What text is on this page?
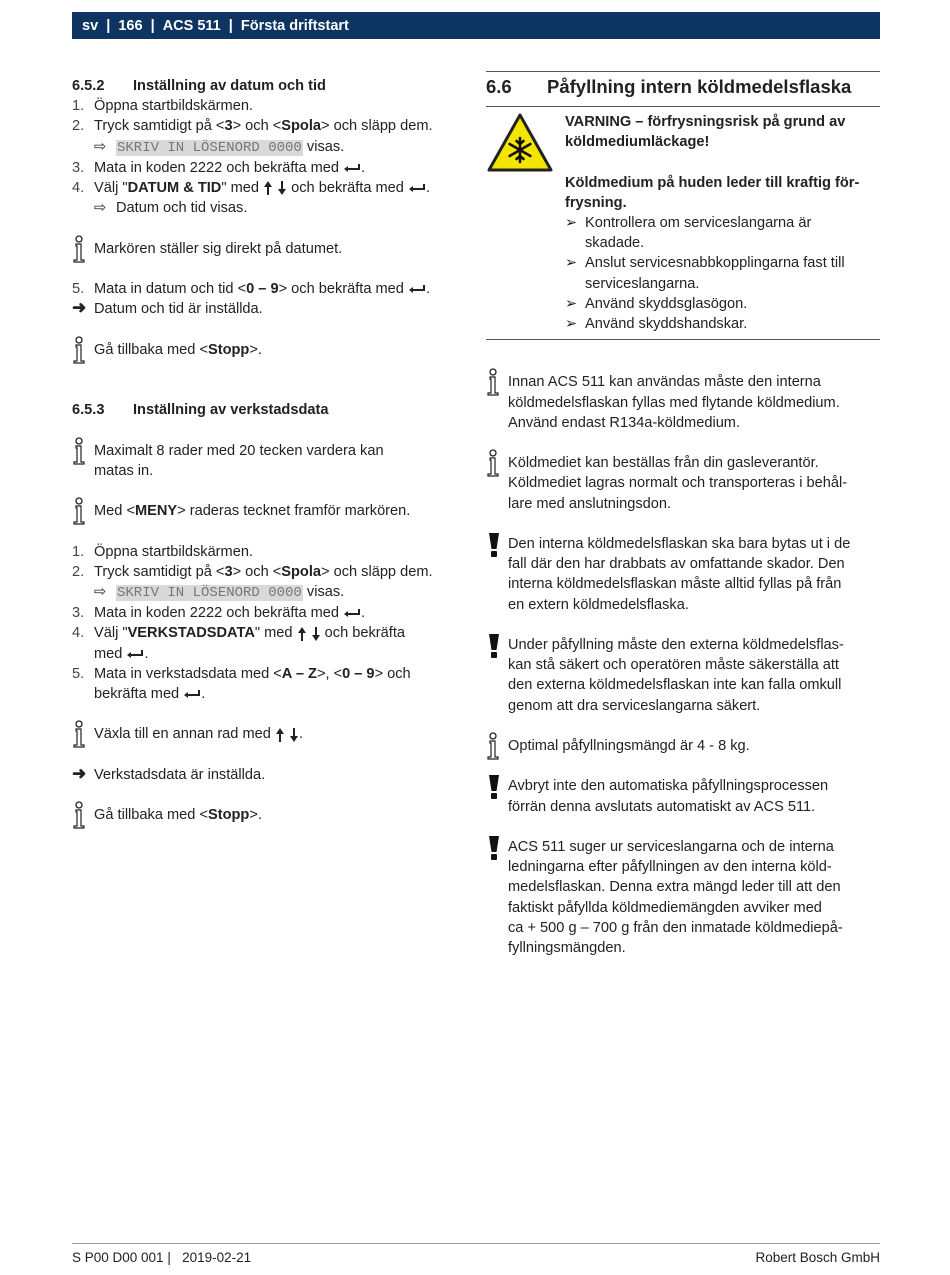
sv | 166 | ACS 511 | Första driftstart
6.5.2	Inställning av datum och tid
1. Öppna startbildskärmen.
2. Tryck samtidigt på <3> och <Spola> och släpp dem.
⇨ SKRIV IN LÖSENORD 0000 visas.
3. Mata in koden 2222 och bekräfta med .
4. Välj "DATUM & TID" med   och bekräfta med .
⇨ Datum och tid visas.
Markören ställer sig direkt på datumet.
5. Mata in datum och tid <0 – 9> och bekräfta med .
➜ Datum och tid är inställda.
Gå tillbaka med <Stopp>.
6.5.3	Inställning av verkstadsdata
Maximalt 8 rader med 20 tecken vardera kan
matas in.
Med <MENY> raderas tecknet framför markören.
1. Öppna startbildskärmen.
2. Tryck samtidigt på <3> och <Spola> och släpp dem.
⇨ SKRIV IN LÖSENORD 0000 visas.
3. Mata in koden 2222 och bekräfta med .
4. Välj "VERKSTADSDATA" med   och bekräfta
med .
5. Mata in verkstadsdata med <A – Z>, <0 – 9> och
bekräfta med .
Växla till en annan rad med  .
➜ Verkstadsdata är inställda.
Gå tillbaka med <Stopp>.
6.6	Påfyllning intern köldmedelsflaska
VARNING – förfrysningsrisk på grund av
köldmediumläckage!
Köldmedium på huden leder till kraftig för-
frysning.
➢ Kontrollera om serviceslangarna är
skadade.
➢ Anslut servicesnabbkopplingarna fast till
serviceslangarna.
➢ Använd skyddsglasögon.
➢ Använd skyddshandskar.
Innan ACS 511 kan användas måste den interna
köldmedelsflaskan fyllas med flytande köldmedium.
Använd endast R134a-köldmedium.
Köldmediet kan beställas från din gasleverantör.
Köldmediet lagras normalt och transporteras i behål-
lare med anslutningsdon.
Den interna köldmedelsflaskan ska bara bytas ut i de
fall där den har drabbats av omfattande skador. Den
interna köldmedelsflaskan måste alltid fyllas på från
en extern köldmedelsflaska.
Under påfyllning måste den externa köldmedelsflas-
kan stå säkert och operatören måste säkerställa att
den externa köldmedelsflaskan inte kan falla omkull
genom att dra serviceslangarna säkert.
Optimal påfyllningsmängd är 4 - 8 kg.
Avbryt inte den automatiska påfyllningsprocessen
förrän denna avslutats automatiskt av ACS 511.
ACS 511 suger ur serviceslangarna och de interna
ledningarna efter påfyllningen av den interna köld-
medelsflaskan. Denna extra mängd leder till att den
faktiskt påfyllda köldmediemängden avviker med
ca + 500 g – 700 g från den inmatade köldmediepå-
fyllningsmängden.
S P00 D00 001 |   2019-02-21	Robert Bosch GmbH
